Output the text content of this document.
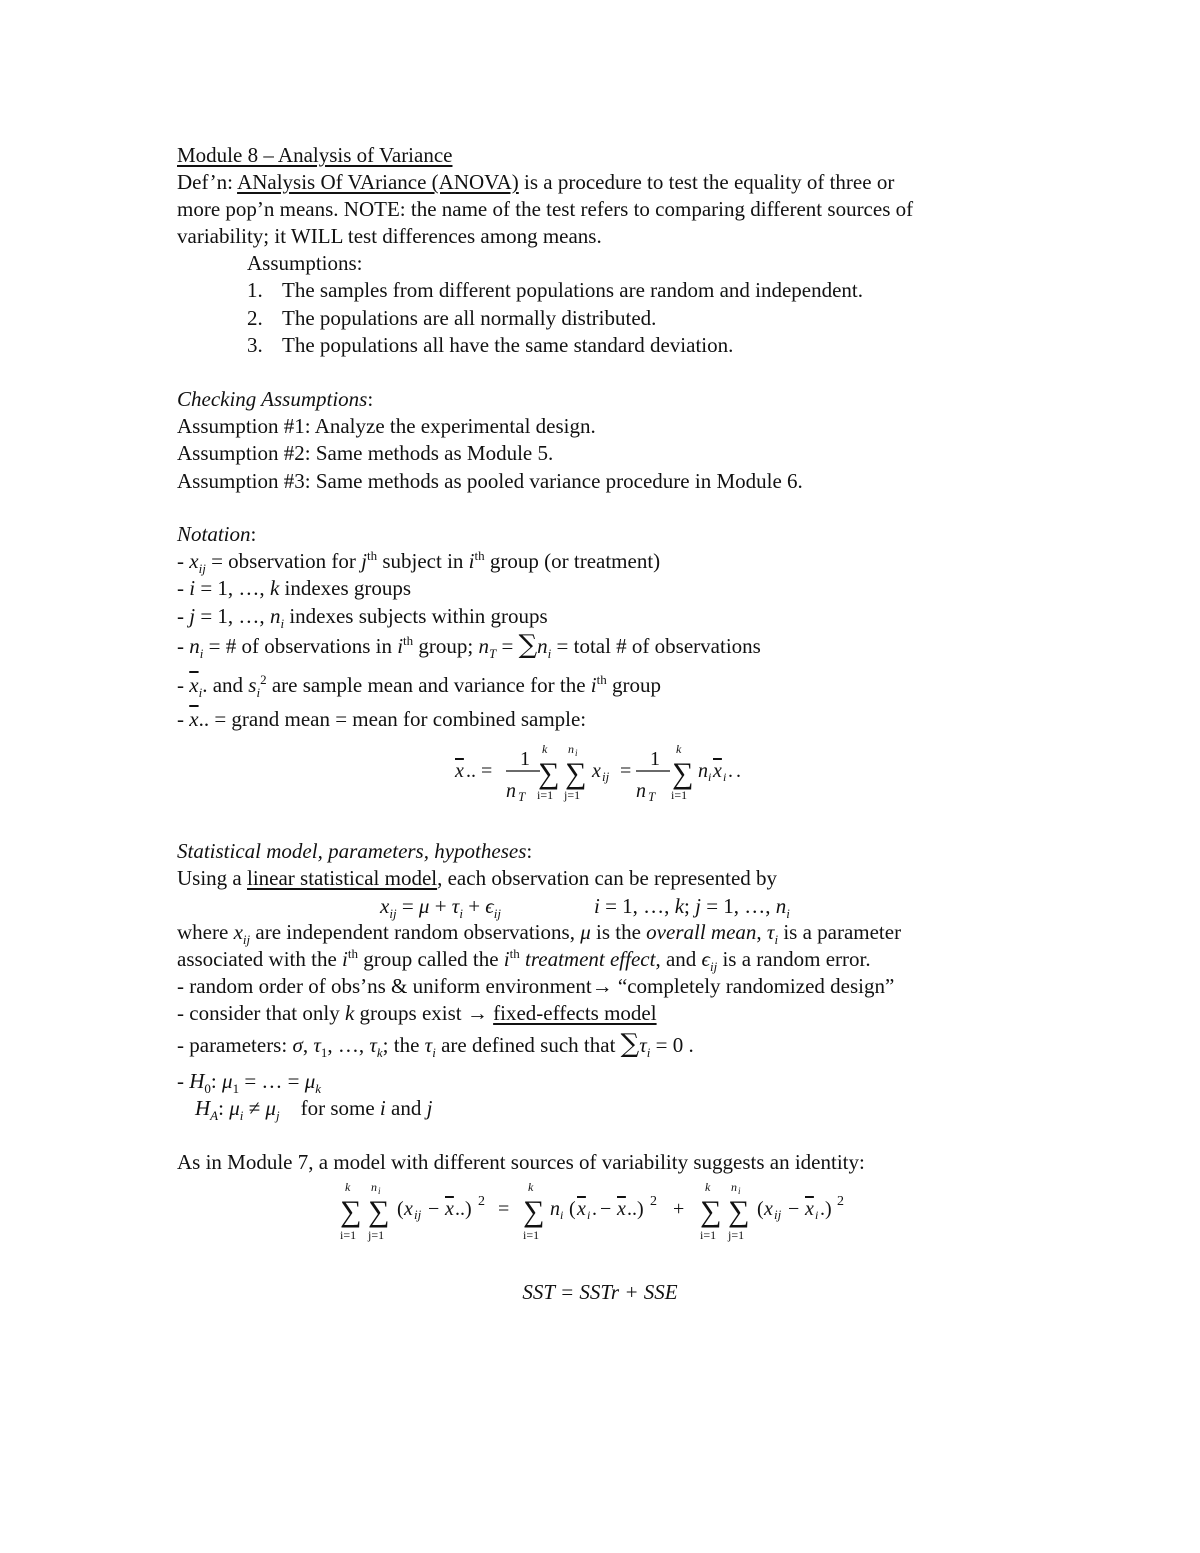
Module 8 – Analysis of Variance
Def’n: ANalysis Of VAriance (ANOVA) is a procedure to test the equality of three or
more pop’n means. NOTE: the name of the test refers to comparing different sources of
variability; it WILL test differences among means.
Assumptions:
1. The samples from different populations are random and independent.
2. The populations are all normally distributed.
3. The populations all have the same standard deviation.
Checking Assumptions:
Assumption #1: Analyze the experimental design.
Assumption #2: Same methods as Module 5.
Assumption #3: Same methods as pooled variance procedure in Module 6.
Notation:
- $x_{ij}$ = observation for $j^{th}$ subject in $i^{th}$ group (or treatment)
- i = 1, …, k indexes groups
- j = 1, …, $n_i$ indexes subjects within groups
- $n_i$ = # of observations in $i^{th}$ group; $n_T = \sum n_i$ = total # of observations
- $\overline{x}_i$. and $s_i^2$ are sample mean and variance for the $i^{th}$ group
- $\overline{x}$.. = grand mean = mean for combined sample:
x .. =
1
n T
∑
k
i=1
∑
n i
j=1
x ij =
1
n T
∑
k
i=1
n i x i . .
Statistical model, parameters, hypotheses:
Using a linear statistical model, each observation can be represented by
$x_{ij} = \mu + \tau_i + \epsilon_{ij}$	i = 1, …, k; j = 1, …, $n_i$
where $x_{ij}$ are independent random observations, μ is the overall mean, $\tau_i$ is a parameter
associated with the $i^{th}$ group called the $i^{th}$ treatment effect, and $\epsilon_{ij}$ is a random error.
- random order of obs’ns & uniform environment→ “completely randomized design”
- consider that only k groups exist → fixed-effects model
- parameters: σ, $\tau_1$, …, $\tau_k$; the $\tau_i$ are defined such that $\sum\tau_i = 0$ .
- $H_0$: $\mu_1$ = … = $\mu_k$
$H_A$: $\mu_i \ne \mu_j$ for some i and j
As in Module 7, a model with different sources of variability suggests an identity:
∑
k
i=1
∑
n i
j=1
( x ij − x ..) 2 = ∑
k
i=1
n i ( x i . − x ..) 2 + ∑
k
i=1
∑
n i
j=1
( x ij − x i .) 2
SST = SSTr + SSE
